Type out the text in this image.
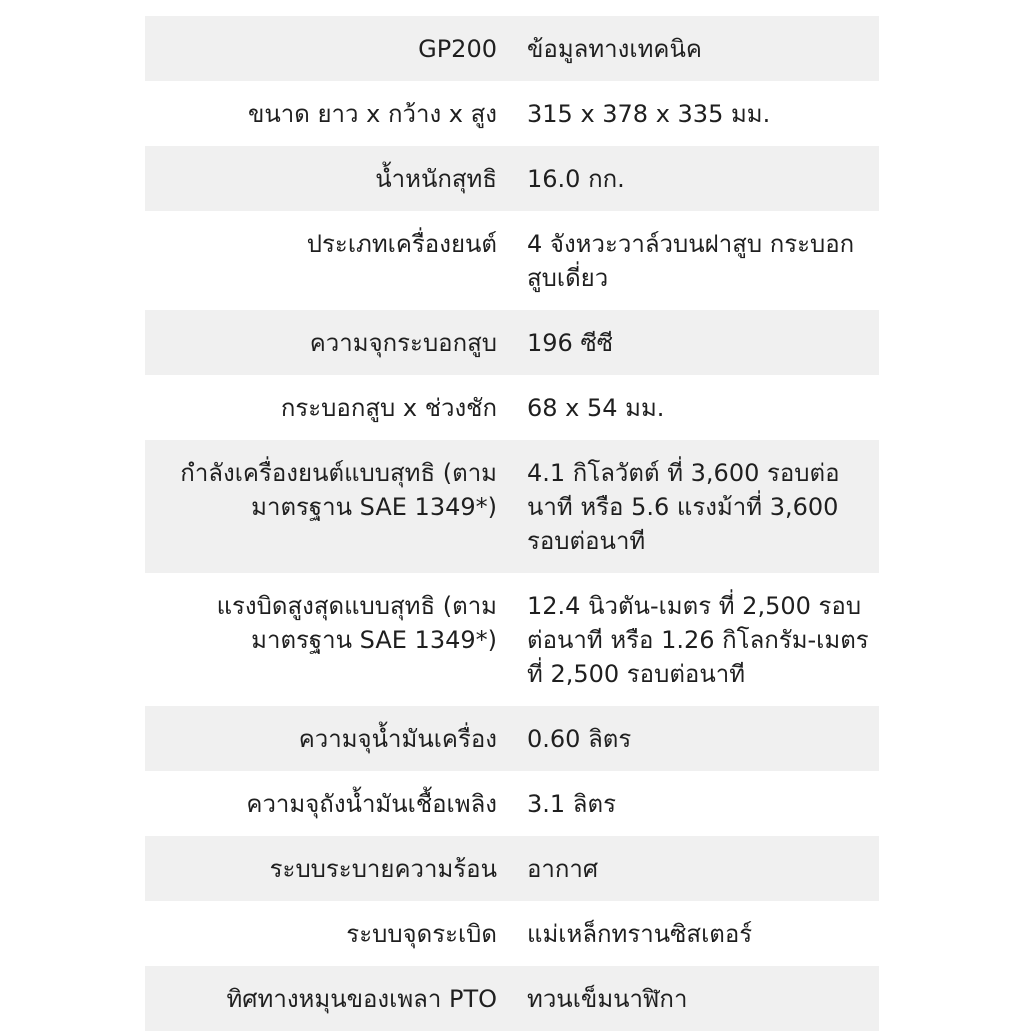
GP200 ข้อมูลทางเทคนิค
ขนาด ยาว x กว้าง x สูง 315 x 378 x 335 มม.
น้ำหนักสุทธิ 16.0 กก.
ประเภทเครื่องยนต์ 4 จังหวะวาล์วบนฝาสูบ กระบอกสูบเดี่ยว
ความจุกระบอกสูบ 196 ซีซี
กระบอกสูบ x ช่วงชัก 68 x 54 มม.
กำลังเครื่องยนต์แบบสุทธิ (ตามมาตรฐาน SAE 1349*)
4.1 กิโลวัตต์ ที่ 3,600 รอบต่อนาที หรือ 5.6 แรงม้าที่ 3,600 รอบต่อนาที
แรงบิดสูงสุดแบบสุทธิ (ตามมาตรฐาน SAE 1349*)
12.4 นิวตัน-เมตร ที่ 2,500 รอบต่อนาที หรือ 1.26 กิโลกรัม-เมตร ที่ 2,500 รอบต่อนาที
ความจุน้ำมันเครื่อง 0.60 ลิตร
ความจุถังน้ำมันเชื้อเพลิง 3.1 ลิตร
ระบบระบายความร้อน อากาศ
ระบบจุดระเบิด แม่เหล็กทรานซิสเตอร์
ทิศทางหมุนของเพลา PTO ทวนเข็มนาฬิกา
